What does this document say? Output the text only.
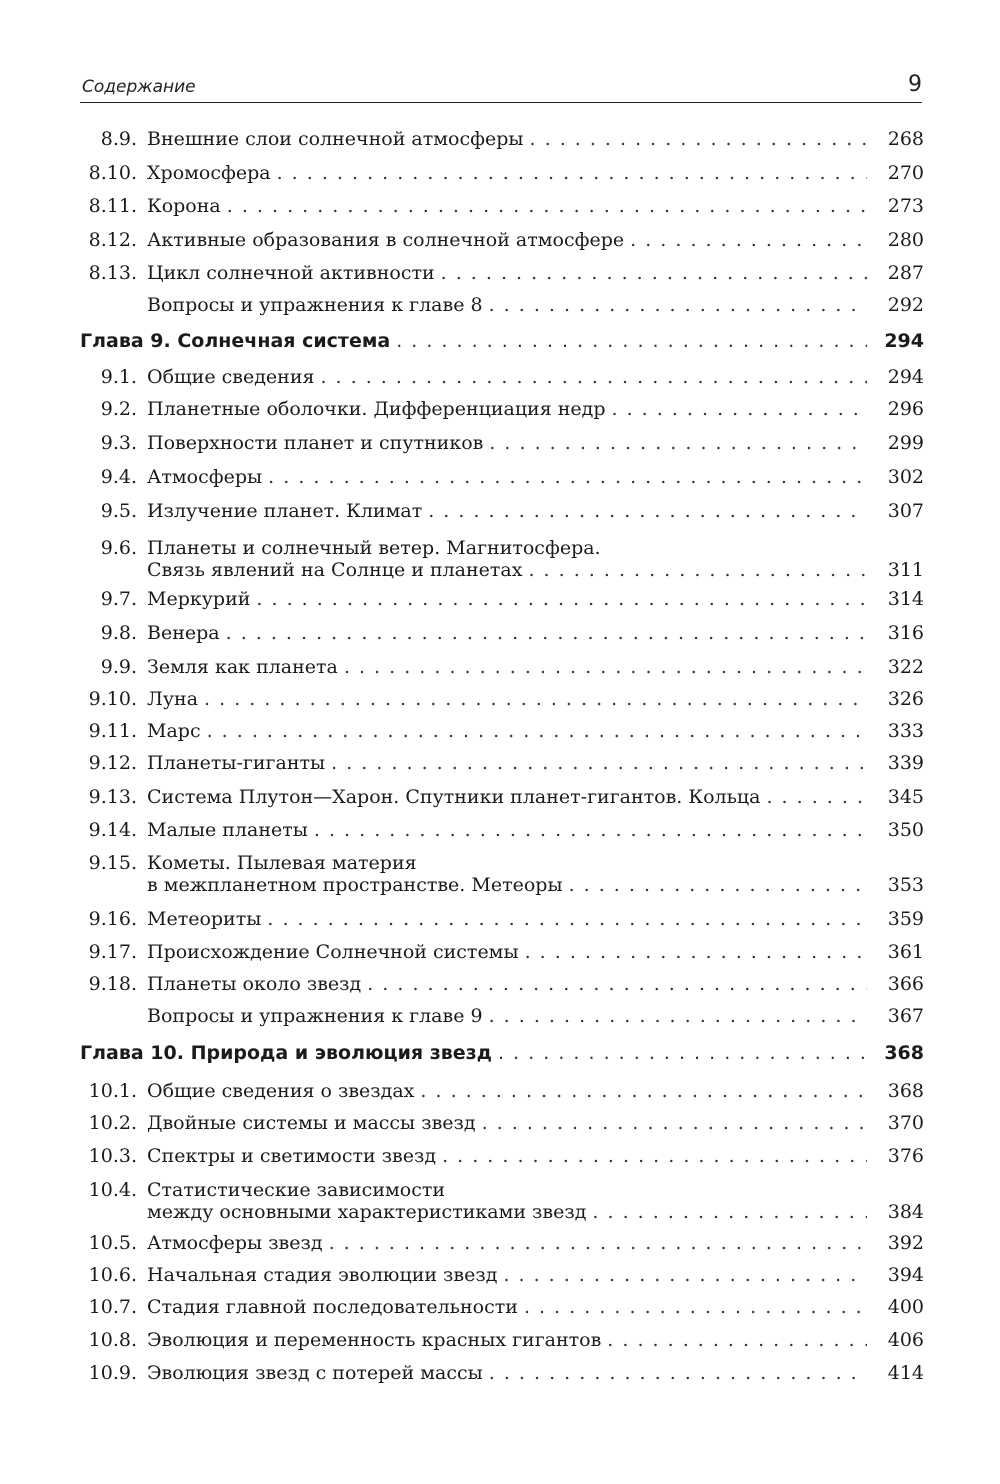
Содержание	9
8.9. Внешние слои солнечной атмосферы . . .	268
8.10. Хромосфера . . .	270
8.11. Корона . . .	273
8.12. Активные образования в солнечной атмосфере . . .	280
8.13. Цикл солнечной активности . . .	287
Вопросы и упражнения к главе 8 . . .	292
Глава 9. Солнечная система . . .	294
9.1. Общие сведения . . .	294
9.2. Планетные оболочки. Дифференциация недр . . .	296
9.3. Поверхности планет и спутников . . .	299
9.4. Атмосферы . . .	302
9.5. Излучение планет. Климат . . .	307
9.6. Планеты и солнечный ветер. Магнитосфера.
Связь явлений на Солнце и планетах . . .	311
9.7. Меркурий . . .	314
9.8. Венера . . .	316
9.9. Земля как планета . . .	322
9.10. Луна . . .	326
9.11. Марс . . .	333
9.12. Планеты-гиганты . . .	339
9.13. Система Плутон—Харон. Спутники планет-гигантов. Кольца . . .	345
9.14. Малые планеты . . .	350
9.15. Кометы. Пылевая материя
в межпланетном пространстве. Метеоры . . .	353
9.16. Метеориты . . .	359
9.17. Происхождение Солнечной системы . . .	361
9.18. Планеты около звезд . . .	366
Вопросы и упражнения к главе 9 . . .	367
Глава 10. Природа и эволюция звезд . . .	368
10.1. Общие сведения о звездах . . .	368
10.2. Двойные системы и массы звезд . . .	370
10.3. Спектры и светимости звезд . . .	376
10.4. Статистические зависимости
между основными характеристиками звезд . . .	384
10.5. Атмосферы звезд . . .	392
10.6. Начальная стадия эволюции звезд . . .	394
10.7. Стадия главной последовательности . . .	400
10.8. Эволюция и переменность красных гигантов . . .	406
10.9. Эволюция звезд с потерей массы . . .	414
